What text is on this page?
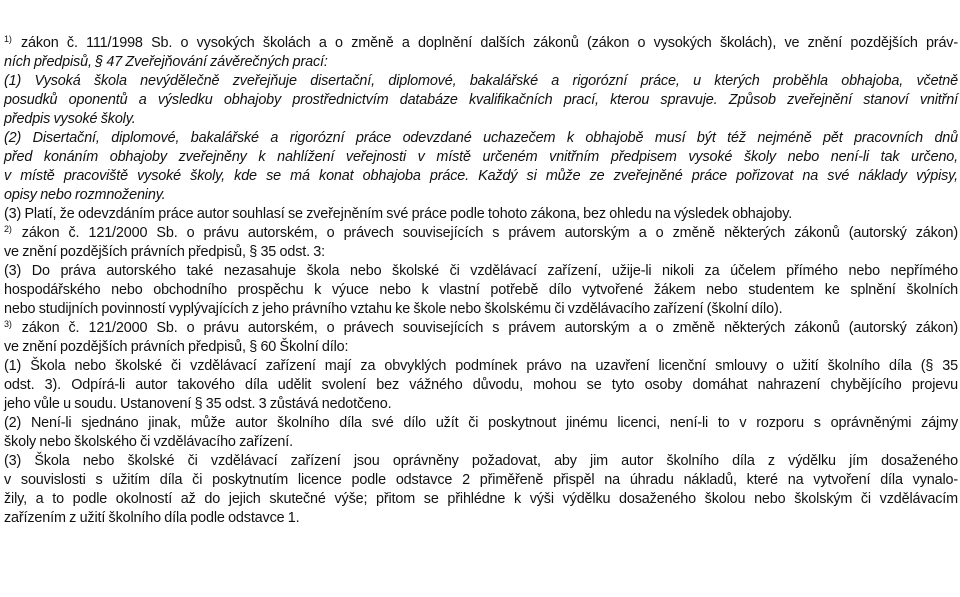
$^{1)}$ zákon č. 111/1998 Sb. o vysokých školách a o změně a doplnění dalších zákonů (zákon o vysokých školách), ve znění pozdějších práv-
ních předpisů, § 47 Zveřejňování závěrečných prací:
(1) Vysoká škola nevýdělečně zveřejňuje disertační, diplomové, bakalářské a rigorózní práce, u kterých proběhla obhajoba, včetně
posudků oponentů a výsledku obhajoby prostřednictvím databáze kvalifikačních prací, kterou spravuje. Způsob zveřejnění stanoví vnitřní
předpis vysoké školy.
(2) Disertační, diplomové, bakalářské a rigorózní práce odevzdané uchazečem k obhajobě musí být též nejméně pět pracovních dnů
před konáním obhajoby zveřejněny k nahlížení veřejnosti v místě určeném vnitřním předpisem vysoké školy nebo není-li tak určeno,
v místě pracoviště vysoké školy, kde se má konat obhajoba práce. Každý si může ze zveřejněné práce pořizovat na své náklady výpisy,
opisy nebo rozmnoženiny.
(3) Platí, že odevzdáním práce autor souhlasí se zveřejněním své práce podle tohoto zákona, bez ohledu na výsledek obhajoby.
$^{2)}$ zákon č. 121/2000 Sb. o právu autorském, o právech souvisejících s právem autorským a o změně některých zákonů (autorský zákon)
ve znění pozdějších právních předpisů, § 35 odst. 3:
(3) Do práva autorského také nezasahuje škola nebo školské či vzdělávací zařízení, užije-li nikoli za účelem přímého nebo nepřímého
hospodářského nebo obchodního prospěchu k výuce nebo k vlastní potřebě dílo vytvořené žákem nebo studentem ke splnění školních
nebo studijních povinností vyplývajících z jeho právního vztahu ke škole nebo školskému či vzdělávacího zařízení (školní dílo).
$^{3)}$ zákon č. 121/2000 Sb. o právu autorském, o právech souvisejících s právem autorským a o změně některých zákonů (autorský zákon)
ve znění pozdějších právních předpisů, § 60 Školní dílo:
(1) Škola nebo školské či vzdělávací zařízení mají za obvyklých podmínek právo na uzavření licenční smlouvy o užití školního díla (§ 35
odst. 3). Odpírá-li autor takového díla udělit svolení bez vážného důvodu, mohou se tyto osoby domáhat nahrazení chybějícího projevu
jeho vůle u soudu. Ustanovení § 35 odst. 3 zůstává nedotčeno.
(2) Není-li sjednáno jinak, může autor školního díla své dílo užít či poskytnout jinému licenci, není-li to v rozporu s oprávněnými zájmy
školy nebo školského či vzdělávacího zařízení.
(3) Škola nebo školské či vzdělávací zařízení jsou oprávněny požadovat, aby jim autor školního díla z výdělku jím dosaženého
v souvislosti s užitím díla či poskytnutím licence podle odstavce 2 přiměřeně přispěl na úhradu nákladů, které na vytvoření díla vynalo-
žily, a to podle okolností až do jejich skutečné výše; přitom se přihlédne k výši výdělku dosaženého školou nebo školským či vzdělávacím
zařízením z užití školního díla podle odstavce 1.
